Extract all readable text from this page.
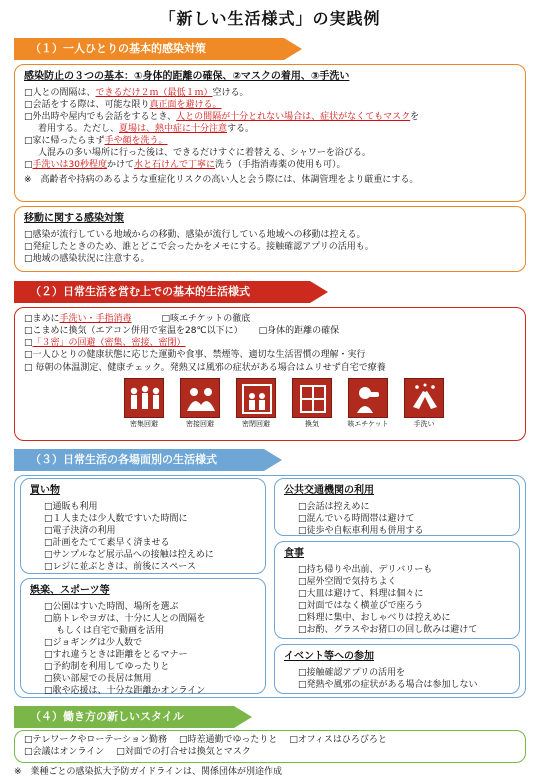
「新しい生活様式」の実践例
（１）一人ひとりの基本的感染対策
感染防止の３つの基本：①身体的距離の確保、②マスクの着用、③手洗い
□人との間隔は、できるだけ２ｍ（最低１ｍ）空ける。
□会話をする際は、可能な限り真正面を避ける。
□外出時や屋内でも会話をするとき、人との間隔が十分とれない場合は、症状がなくてもマスクを
着用する。ただし、夏場は、熱中症に十分注意する。
□家に帰ったらまず手や顔を洗う。
人混みの多い場所に行った後は、できるだけすぐに着替える、シャワーを浴びる。
□手洗いは30秒程度かけて水と石けんで丁寧に洗う（手指消毒薬の使用も可）。
※　高齢者や持病のあるような重症化リスクの高い人と会う際には、体調管理をより厳重にする。
移動に関する感染対策
□感染が流行している地域からの移動、感染が流行している地域への移動は控える。
□発症したときのため、誰とどこで会ったかをメモにする。接触確認アプリの活用も。
□地域の感染状況に注意する。
（２）日常生活を営む上での基本的生活様式
□まめに手洗い・手指消毒	□咳エチケットの徹底
□こまめに換気（エアコン併用で室温を28℃以下に） □身体的距離の確保
□「３密」の回避（密集、密接、密閉）
□一人ひとりの健康状態に応じた運動や食事、禁煙等、適切な生活習慣の理解・実行
□ 毎朝の体温測定、健康チェック。発熱又は風邪の症状がある場合はムリせず自宅で療養
密集回避	密接回避	密閉回避	換気	咳エチケット	手洗い
（３）日常生活の各場面別の生活様式
買い物
□通販も利用
□１人または少人数ですいた時間に
□電子決済の利用
□計画をたてて素早く済ませる
□サンプルなど展示品への接触は控えめに
□レジに並ぶときは、前後にスペース
娯楽、スポーツ等
□公園はすいた時間、場所を選ぶ
□筋トレやヨガは、十分に人との間隔を
もしくは自宅で動画を活用
□ジョギングは少人数で
□すれ違うときは距離をとるマナー
□予約制を利用してゆったりと
□狭い部屋での長居は無用
□歌や応援は、十分な距離かオンライン
公共交通機関の利用
□会話は控えめに
□混んでいる時間帯は避けて
□徒歩や自転車利用も併用する
食事
□持ち帰りや出前、デリバリーも
□屋外空間で気持ちよく
□大皿は避けて、料理は個々に
□対面ではなく横並びで座ろう
□料理に集中、おしゃべりは控えめに
□お酌、グラスやお猪口の回し飲みは避けて
イベント等への参加
□接触確認アプリの活用を
□発熱や風邪の症状がある場合は参加しない
（４）働き方の新しいスタイル
□テレワークやローテーション勤務 □時差通勤でゆったりと □オフィスはひろびろと
□会議はオンライン □対面での打合せは換気とマスク
※　業種ごとの感染拡大予防ガイドラインは、関係団体が別途作成
